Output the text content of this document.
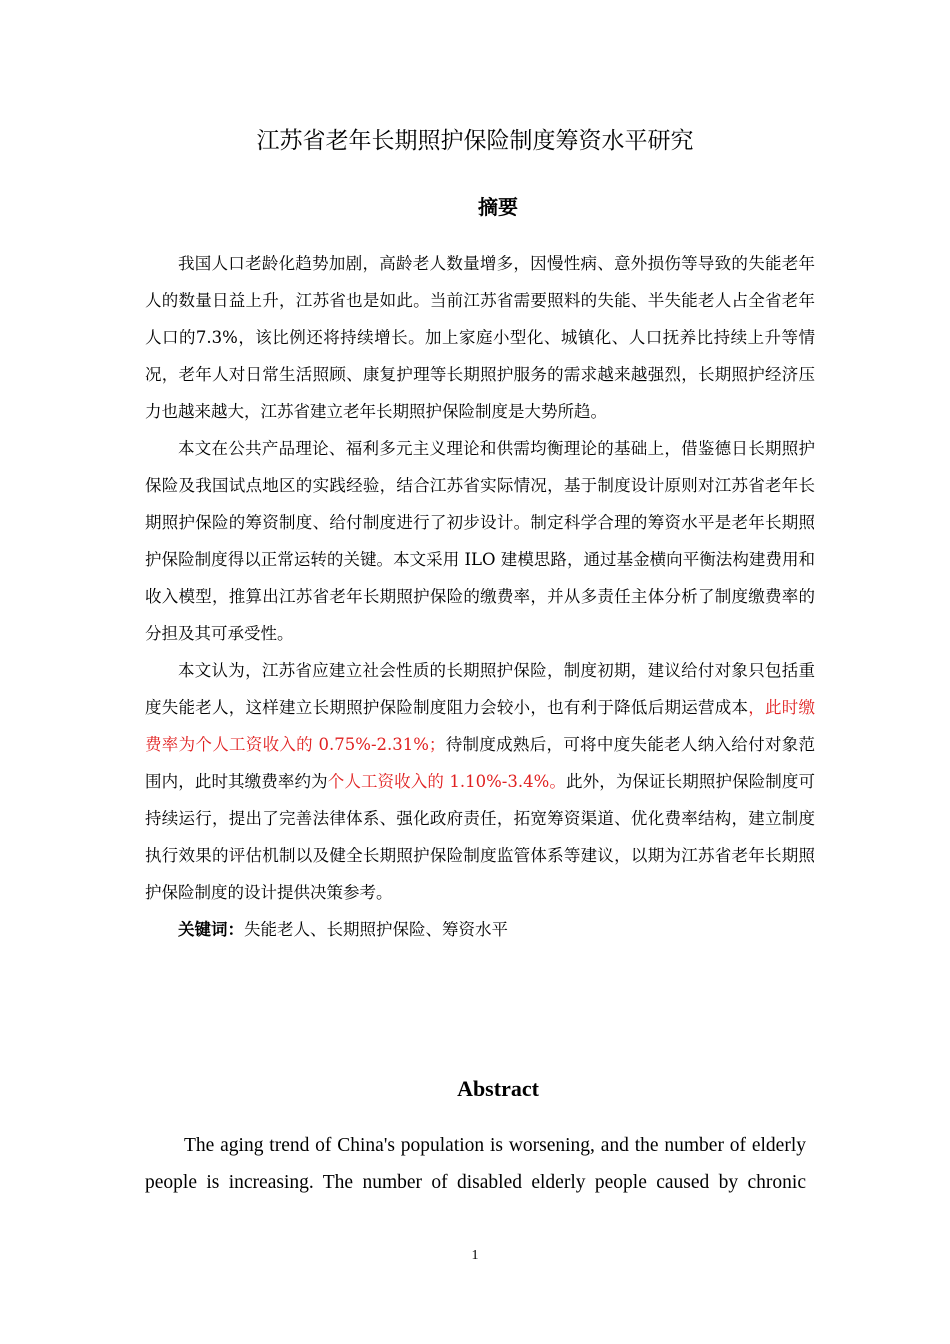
江苏省老年长期照护保险制度筹资水平研究
摘要

我国人口老龄化趋势加剧，高龄老人数量增多，因慢性病、意外损伤等导致的失能老年人的数量日益上升，江苏省也是如此。当前江苏省需要照料的失能、半失能老人占全省老年人口的7.3%，该比例还将持续增长。加上家庭小型化、城镇化、人口抚养比持续上升等情况，老年人对日常生活照顾、康复护理等长期照护服务的需求越来越强烈，长期照护经济压力也越来越大，江苏省建立老年长期照护保险制度是大势所趋。

本文在公共产品理论、福利多元主义理论和供需均衡理论的基础上，借鉴德日长期照护保险及我国试点地区的实践经验，结合江苏省实际情况，基于制度设计原则对江苏省老年长期照护保险的筹资制度、给付制度进行了初步设计。制定科学合理的筹资水平是老年长期照护保险制度得以正常运转的关键。本文采用 ILO 建模思路，通过基金横向平衡法构建费用和收入模型，推算出江苏省老年长期照护保险的缴费率，并从多责任主体分析了制度缴费率的分担及其可承受性。

本文认为，江苏省应建立社会性质的长期照护保险，制度初期，建议给付对象只包括重度失能老人，这样建立长期照护保险制度阻力会较小，也有利于降低后期运营成本，此时缴费率为个人工资收入的 0.75%-2.31%；待制度成熟后，可将中度失能老人纳入给付对象范围内，此时其缴费率约为个人工资收入的 1.10%-3.4%。此外，为保证长期照护保险制度可持续运行，提出了完善法律体系、强化政府责任，拓宽筹资渠道、优化费率结构，建立制度执行效果的评估机制以及健全长期照护保险制度监管体系等建议，以期为江苏省老年长期照护保险制度的设计提供决策参考。

关键词：失能老人、长期照护保险、筹资水平

Abstract

The aging trend of China's population is worsening, and the number of elderly people is increasing. The number of disabled elderly people caused by chronic

1
